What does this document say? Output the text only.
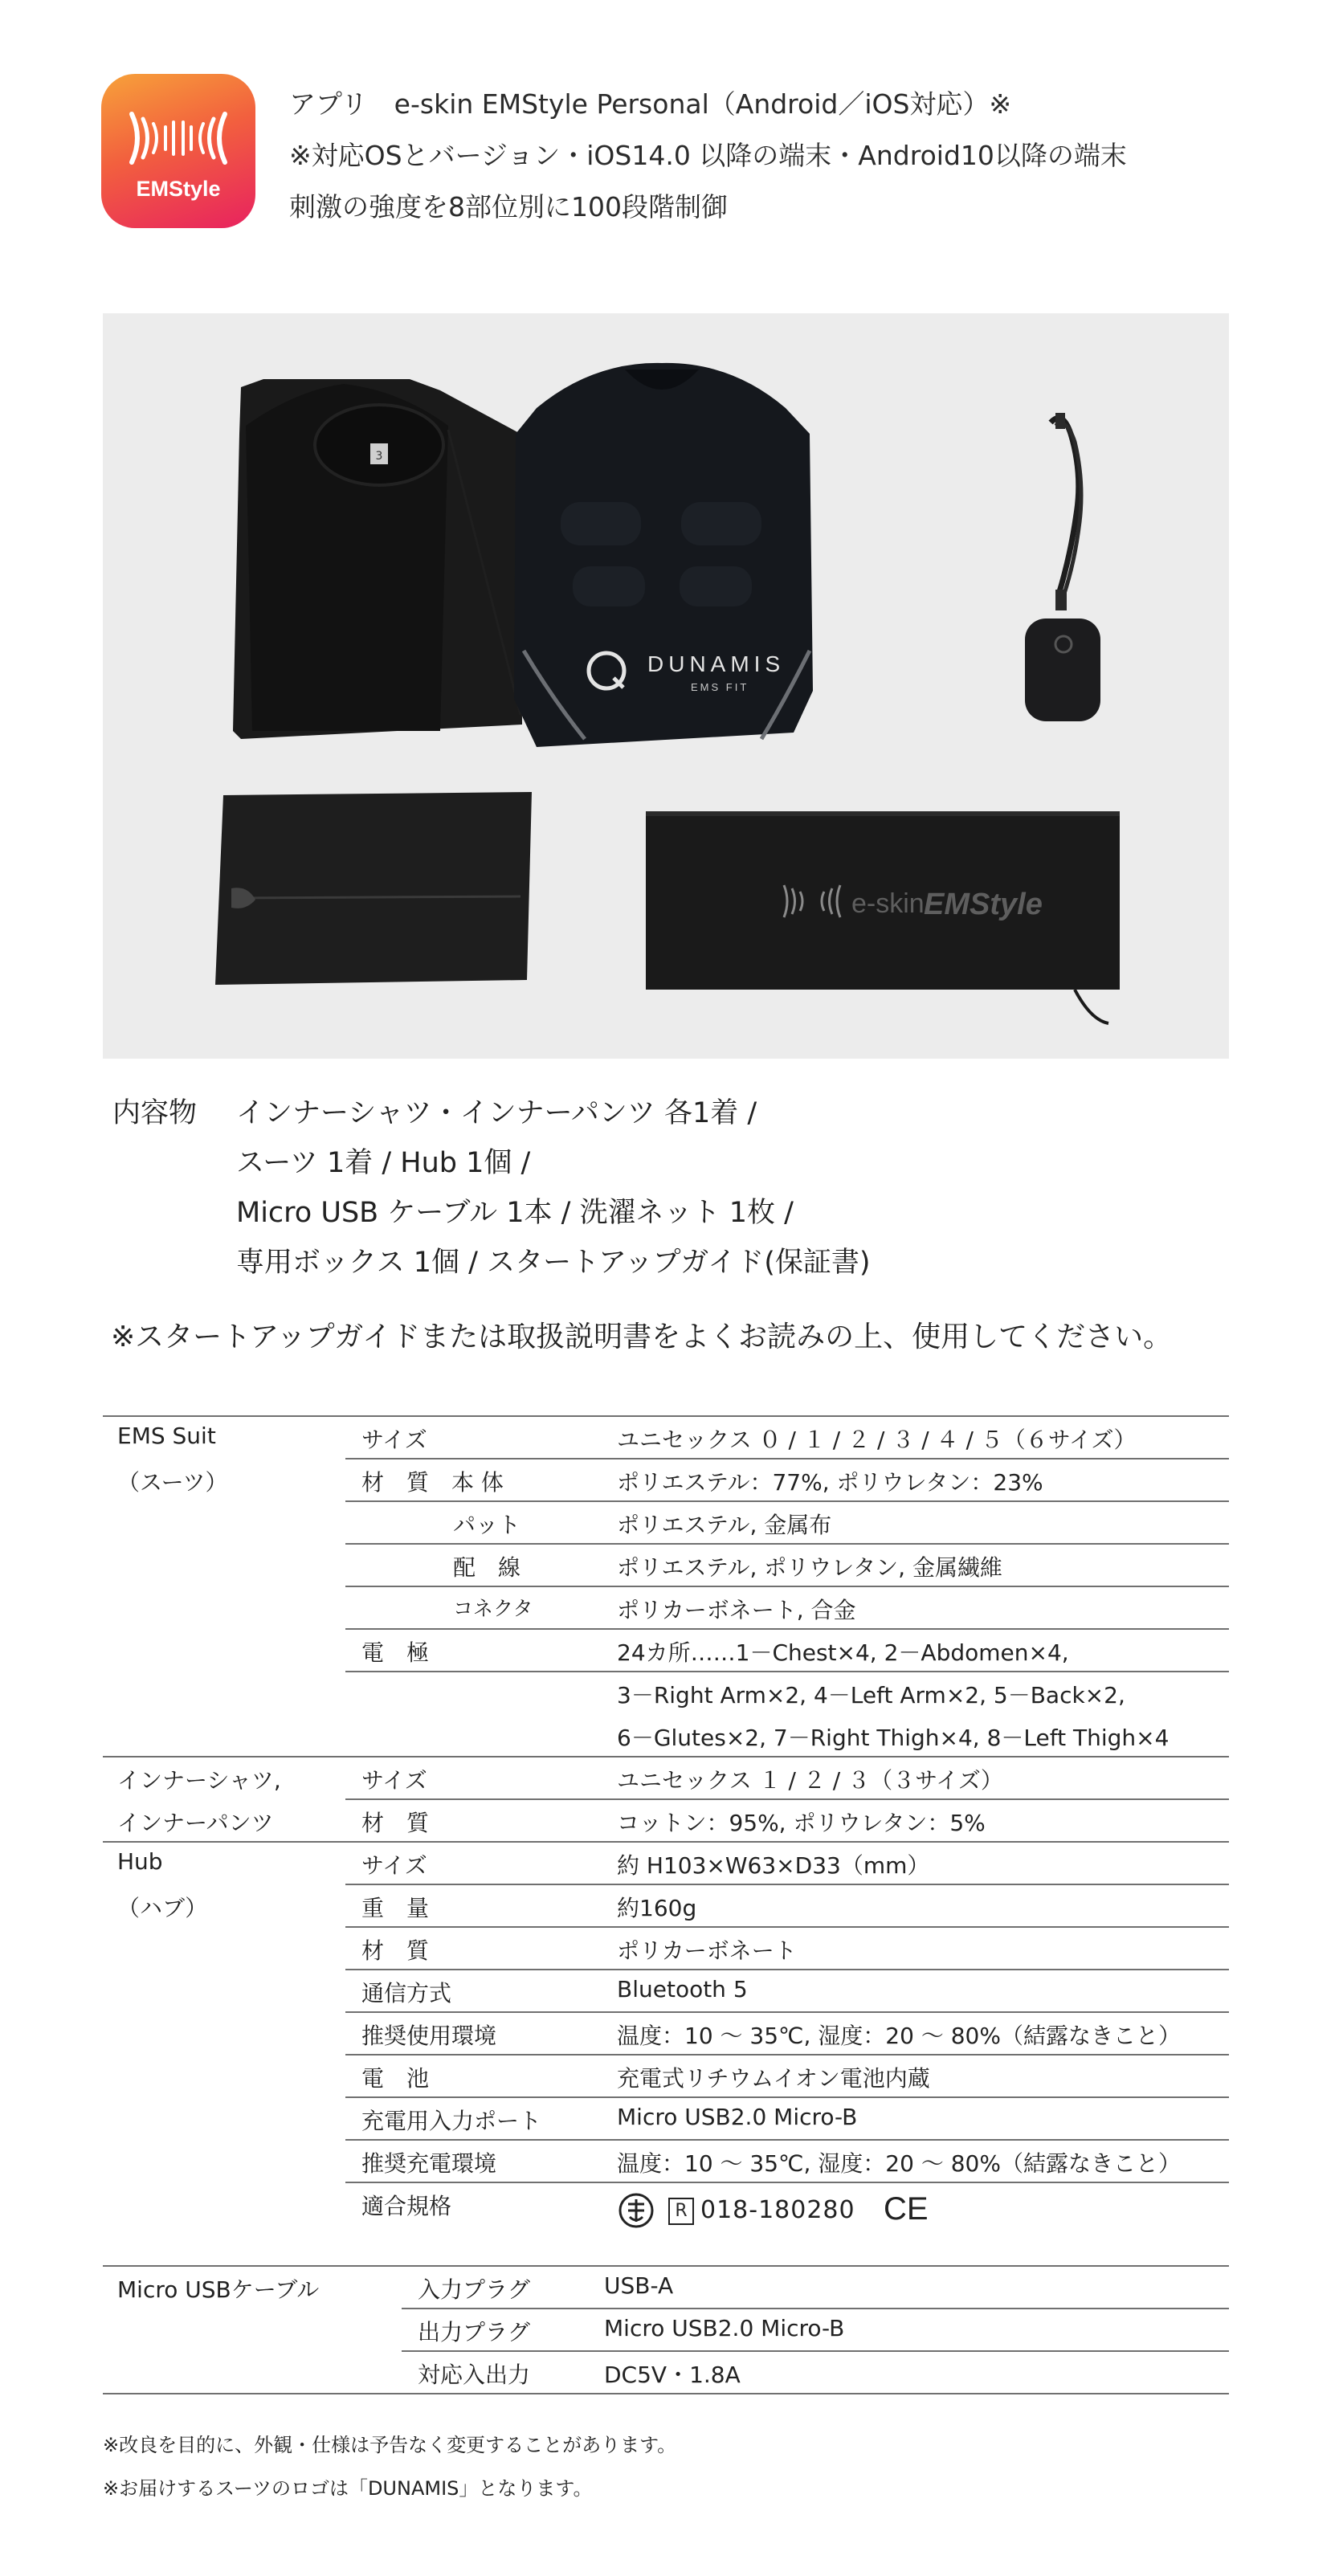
EMStyle
アプリ　e-skin EMStyle Personal（Android／iOS対応）※
※対応OSとバージョン・iOS14.0 以降の端末・Android10以降の端末
刺激の強度を8部位別に100段階制御
3
DUNAMIS
EMS FIT
e-skin EMStyle
内容物 インナーシャツ・インナーパンツ 各1着 /
スーツ 1着 / Hub 1個 /
Micro USB ケーブル 1本 / 洗濯ネット 1枚 /
専用ボックス 1個 / スタートアップガイド(保証書)
※スタートアップガイドまたは取扱説明書をよくお読みの上、使用してください。
EMS Suit
（スーツ）
サイズ	ユニセックス ０ / １ / ２ / ３ / ４ / ５（６サイズ）
材　質　本 体	ポリエステル：77%, ポリウレタン：23%
パット	ポリエステル, 金属布
配　線	ポリエステル, ポリウレタン, 金属繊維
コネクタ	ポリカーボネート, 合金
電　極	24カ所……1－Chest×4, 2－Abdomen×4,
3－Right Arm×2, 4－Left Arm×2, 5－Back×2,
6－Glutes×2, 7－Right Thigh×4, 8－Left Thigh×4
インナーシャツ,
インナーパンツ
サイズ	ユニセックス １ / ２ / ３（３サイズ）
材　質	コットン：95%, ポリウレタン：5%
Hub
（ハブ）
サイズ	約 H103×W63×D33（mm）
重　量	約160g
材　質	ポリカーボネート
通信方式	Bluetooth 5
推奨使用環境	温度：10 ～ 35℃, 湿度：20 ～ 80%（結露なきこと）
電　池	充電式リチウムイオン電池内蔵
充電用入力ポート	Micro USB2.0 Micro-B
推奨充電環境	温度：10 ～ 35℃, 湿度：20 ～ 80%（結露なきこと）
適合規格	R 018-180280 CE
Micro USBケーブル	入力プラグ	USB-A
出力プラグ	Micro USB2.0 Micro-B
対応入出力	DC5V・1.8A
※改良を目的に、外観・仕様は予告なく変更することがあります。
※お届けするスーツのロゴは「DUNAMIS」となります。
